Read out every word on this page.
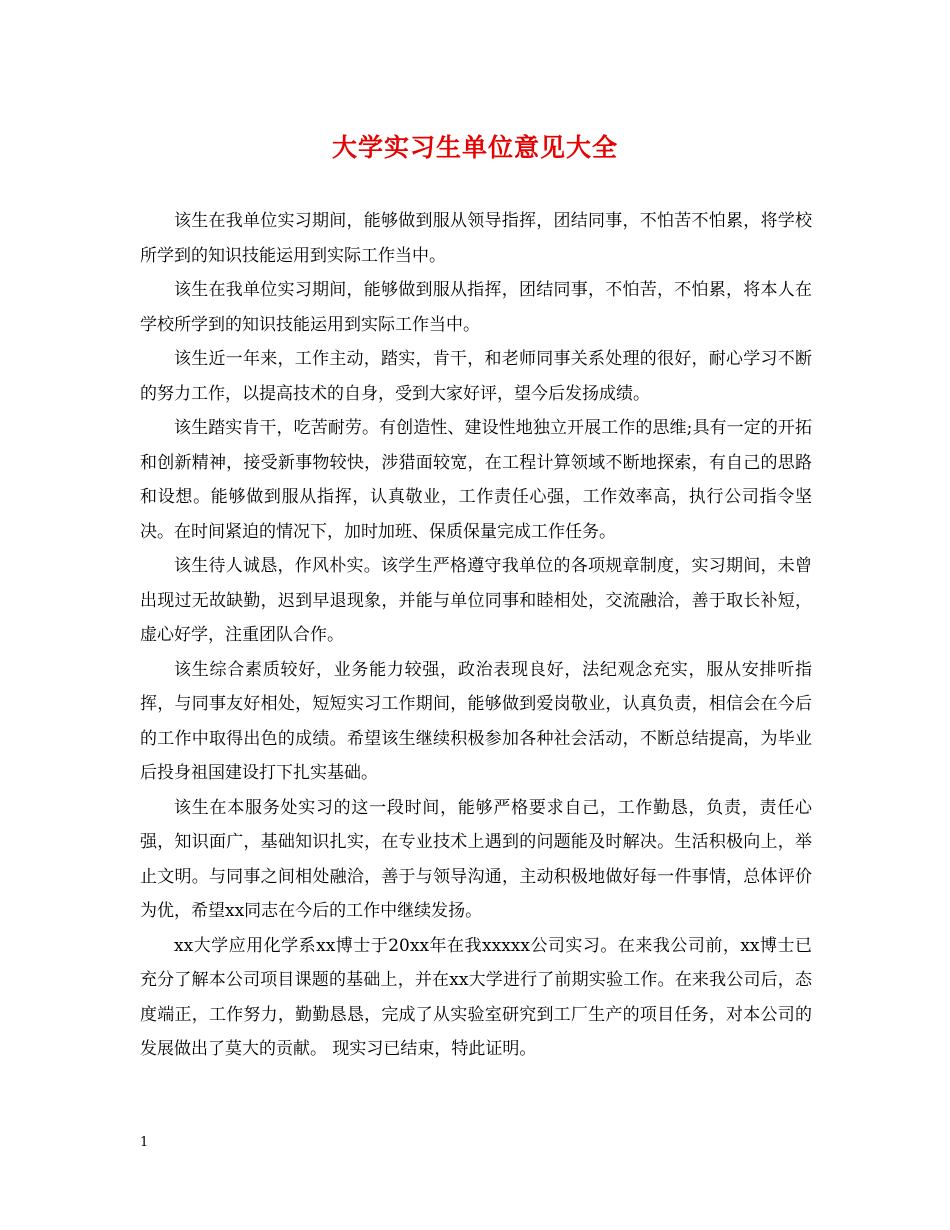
大学实习生单位意见大全

该生在我单位实习期间，能够做到服从领导指挥，团结同事，不怕苦不怕累，将学校所学到的知识技能运用到实际工作当中。

该生在我单位实习期间，能够做到服从指挥，团结同事，不怕苦，不怕累，将本人在学校所学到的知识技能运用到实际工作当中。

该生近一年来，工作主动，踏实，肯干，和老师同事关系处理的很好，耐心学习不断的努力工作，以提高技术的自身，受到大家好评，望今后发扬成绩。

该生踏实肯干，吃苦耐劳。有创造性、建设性地独立开展工作的思维;具有一定的开拓和创新精神，接受新事物较快，涉猎面较宽，在工程计算领域不断地探索，有自己的思路和设想。能够做到服从指挥，认真敬业，工作责任心强，工作效率高，执行公司指令坚决。在时间紧迫的情况下，加时加班、保质保量完成工作任务。

该生待人诚恳，作风朴实。该学生严格遵守我单位的各项规章制度，实习期间，未曾出现过无故缺勤，迟到早退现象，并能与单位同事和睦相处，交流融洽，善于取长补短，虚心好学，注重团队合作。

该生综合素质较好，业务能力较强，政治表现良好，法纪观念充实，服从安排听指挥，与同事友好相处，短短实习工作期间，能够做到爱岗敬业，认真负责，相信会在今后的工作中取得出色的成绩。希望该生继续积极参加各种社会活动，不断总结提高，为毕业后投身祖国建设打下扎实基础。

该生在本服务处实习的这一段时间，能够严格要求自己，工作勤恳，负责，责任心强，知识面广，基础知识扎实，在专业技术上遇到的问题能及时解决。生活积极向上，举止文明。与同事之间相处融洽，善于与领导沟通，主动积极地做好每一件事情，总体评价为优，希望xx同志在今后的工作中继续发扬。

xx大学应用化学系xx博士于20xx年在我xxxxx公司实习。在来我公司前，xx博士已充分了解本公司项目课题的基础上，并在xx大学进行了前期实验工作。在来我公司后，态度端正，工作努力，勤勤恳恳，完成了从实验室研究到工厂生产的项目任务，对本公司的发展做出了莫大的贡献。 现实习已结束，特此证明。

1
